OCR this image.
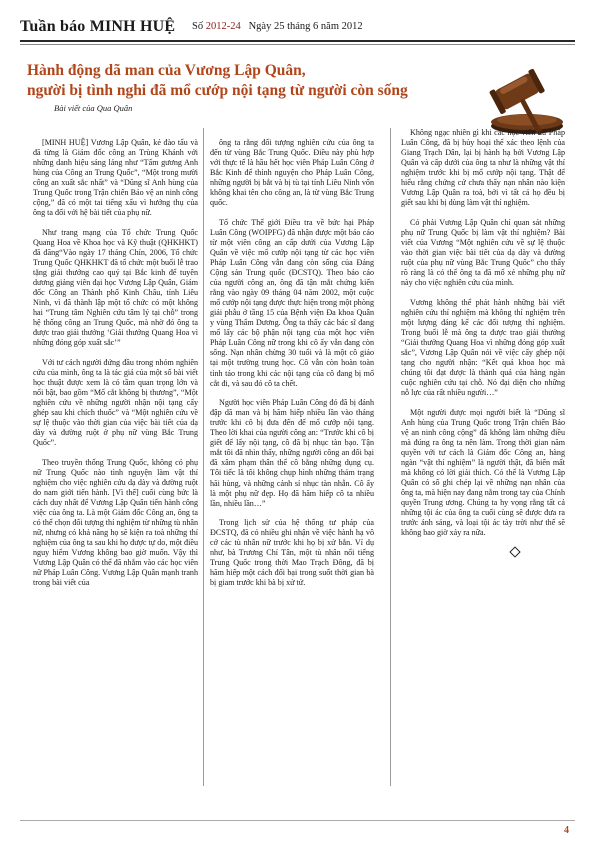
Tuần báo MINH HUỆ Số 2012-24 Ngày 25 tháng 6 năm 2012
Hành động dã man của Vương Lập Quân,
người bị tình nghi đã mổ cướp nội tạng từ người còn sống
Bài viết của Qua Quân

[MINH HUỆ] Vương Lập Quân, kẻ đào tẩu và đã từng là Giám đốc công an Trùng Khánh với những danh hiệu sáng láng như “Tấm gương Anh hùng của Công an Trung Quốc”, “Một trong mười công an xuất sắc nhất” và “Dũng sĩ Anh hùng của Trung Quốc trong Trận chiến Bảo vệ an ninh công cộng,” đã có một tai tiếng xấu vì hưởng thụ của ông ta đối với hệ bài tiết của phụ nữ.

Như trang mạng của Tổ chức Trung Quốc Quang Hoa về Khoa học và Kỹ thuật (QHKHKT) đã đăng“Vào ngày 17 tháng Chín, 2006, Tổ chức Trung Quốc QHKHKT đã tổ chức một buổi lễ trao tặng giải thưởng cao quý tại Bắc kinh để tuyên dương giảng viên đại học Vương Lập Quân, Giám đốc Công an Thành phố Kinh Châu, tỉnh Liêu Ninh, vì đã thành lập một tổ chức có một không hai “Trung tâm Nghiên cứu tâm lý tại chỗ” trong hệ thống công an Trung Quốc, mà nhờ đó ông ta được trao giải thưởng ‘Giải thưởng Quang Hoa vì những đóng góp xuất sắc’”

Với tư cách người đứng đầu trong nhóm nghiên cứu của mình, ông ta là tác giả của một số bài viết học thuật được xem là có tầm quan trọng lớn và nổi bật, bao gồm “Mổ cắt không bị thương”, “Một nghiên cứu về những người nhận nội tạng cấy ghép sau khi chích thuốc” và “Một nghiên cứu về sự lệ thuộc vào thời gian của việc bài tiết của dạ dày và đường ruột ở phụ nữ vùng Bắc Trung Quốc”.

Theo truyền thống Trung Quốc, không có phụ nữ Trung Quốc nào tình nguyện làm vật thí nghiệm cho việc nghiên cứu dạ dày và đường ruột do nam giới tiến hành. [Vì thế] cuối cùng bức là cách duy nhất để Vương Lập Quân tiến hành công việc của ông ta. Là một Giám đốc Công an, ông ta có thể chọn đối tượng thí nghiệm từ những tù nhân nữ, nhưng có khả năng họ sẽ kiện ra toà những thí nghiệm của ông ta sau khi họ được tự do, một điều nguy hiểm Vương không bao giờ muốn. Vậy thì Vương Lập Quân có thể đã nhắm vào các học viên nữ Pháp Luân Công. Vương Lập Quân mạnh tranh trong bài viết của

ông ta rằng đối tượng nghiên cứu của ông ta đến từ vùng Bắc Trung Quốc. Điều này phù hợp với thực tế là hầu hết học viên Pháp Luân Công ở Bắc Kinh để thỉnh nguyện cho Pháp Luân Công, những người bị bắt và bị tù tại tỉnh Liêu Ninh vốn không khai tên cho công an, là từ vùng Bắc Trung quốc.

Tổ chức Thế giới Điều tra về bức hại Pháp Luân Công (WOIPFG) đã nhận được một báo cáo từ một viên công an cấp dưới của Vương Lập Quân về việc mổ cướp nội tạng từ các học viên Pháp Luân Công vẫn đang còn sống của Đảng Cộng sản Trung quốc (ĐCSTQ). Theo báo cáo của người công an, ông đã tận mắt chứng kiến rằng vào ngày 09 tháng 04 năm 2002, một cuộc mổ cướp nội tạng được thực hiện trong một phòng giải phẫu ở tầng 15 của Bệnh viện Đa khoa Quân y vùng Thẩm Dương. Ông ta thấy các bác sĩ đang mổ lấy các bộ phận nội tạng của một học viên Pháp Luân Công nữ trong khi cô ấy vẫn đang còn sống. Nạn nhân chừng 30 tuổi và là một cô giáo tại một trường trung học. Cô vẫn còn hoàn toàn tỉnh táo trong khi các nội tạng của cô đang bị mổ cắt đi, và sau đó cô ta chết.

Người học viên Pháp Luân Công đó đã bị đánh đập dã man và bị hãm hiếp nhiều lần vào tháng trước khi cô bị đưa đến để mổ cướp nội tạng. Theo lời khai của người công an: “Trước khi cô bị giết để lấy nội tạng, cô đã bị nhục tàn bạo. Tận mắt tôi đã nhìn thấy, những người công an đối bại đã xâm phạm thân thể cô bằng những dụng cụ. Tôi tiếc là tôi không chụp hình những thảm trạng hãi hùng, và những cảnh sỉ nhục tàn nhẫn. Cô ấy là một phụ nữ đẹp. Họ đã hãm hiếp cô ta nhiều lần, nhiều lần…”

Trong lịch sử của hệ thống tư pháp của ĐCSTQ, đã có nhiều ghi nhận về việc hành hạ vô cớ các tù nhân nữ trước khi họ bị xử bắn. Ví dụ như, bà Trương Chí Tân, một tù nhân nổi tiếng Trung Quốc trong thời Mao Trạch Đông, đã bị hãm hiếp một cách đối bại trong suốt thời gian bà bị giam trước khi bà bị xử tử.

Không ngạc nhiên gì khi các học viên nữ Pháp Luân Công, đã bị hủy hoại thể xác theo lệnh của Giang Trạch Dân, lại bị hành hạ bởi Vương Lập Quân và cấp dưới của ông ta như là những vật thí nghiệm trước khi bị mổ cướp nội tạng. Thật để hiểu rằng chứng cứ chưa thấy nạn nhân nào kiện Vương Lập Quân ra toà, bởi vì tất cả họ đều bị giết sau khi bị dùng làm vật thí nghiệm.

Có phải Vương Lập Quân chỉ quan sát những phụ nữ Trung Quốc bị làm vật thí nghiệm? Bài viết của Vương “Một nghiên cứu về sự lệ thuộc vào thời gian việc bài tiết của dạ dày và đường ruột của phụ nữ vùng Bắc Trung Quốc” cho thấy rõ ràng là có thể ông ta đã mổ xẻ những phụ nữ này cho việc nghiên cứu của mình.

Vương không thể phát hành những bài viết nghiên cứu thí nghiệm mà không thí nghiệm trên một lượng đáng kể các đối tượng thí nghiệm. Trong buổi lễ mà ông ta được trao giải thưởng “Giải thưởng Quang Hoa vì những đóng góp xuất sắc”, Vương Lập Quân nói về việc cấy ghép nội tạng cho người nhận: “Kết quả khoa học mà chúng tôi đạt được là thành quả của hàng ngàn cuộc nghiên cứu tại chỗ. Nó đại diện cho những nỗ lực của rất nhiều người…”

Một người được mọi người biết là “Dũng sĩ Anh hùng của Trung Quốc trong Trận chiến Bảo vệ an ninh công cộng” đã không làm những điều mà đúng ra ông ta nên làm. Trong thời gian năm quyền với tư cách là Giám đốc Công an, hàng ngàn “vật thí nghiệm” là người thật, đã biến mất mà không có lời giải thích. Có thể là Vương Lập Quân có số ghi chép lại về những nạn nhân của ông ta, mà hiện nay đang nằm trong tay của Chính quyền Trung ương. Chúng ta hy vọng rằng tất cả những tội ác của ông ta cuối cùng sẽ được đưa ra trước ánh sáng, và loại tội ác tày trời như thế sẽ không bao giờ xảy ra nữa.

4
